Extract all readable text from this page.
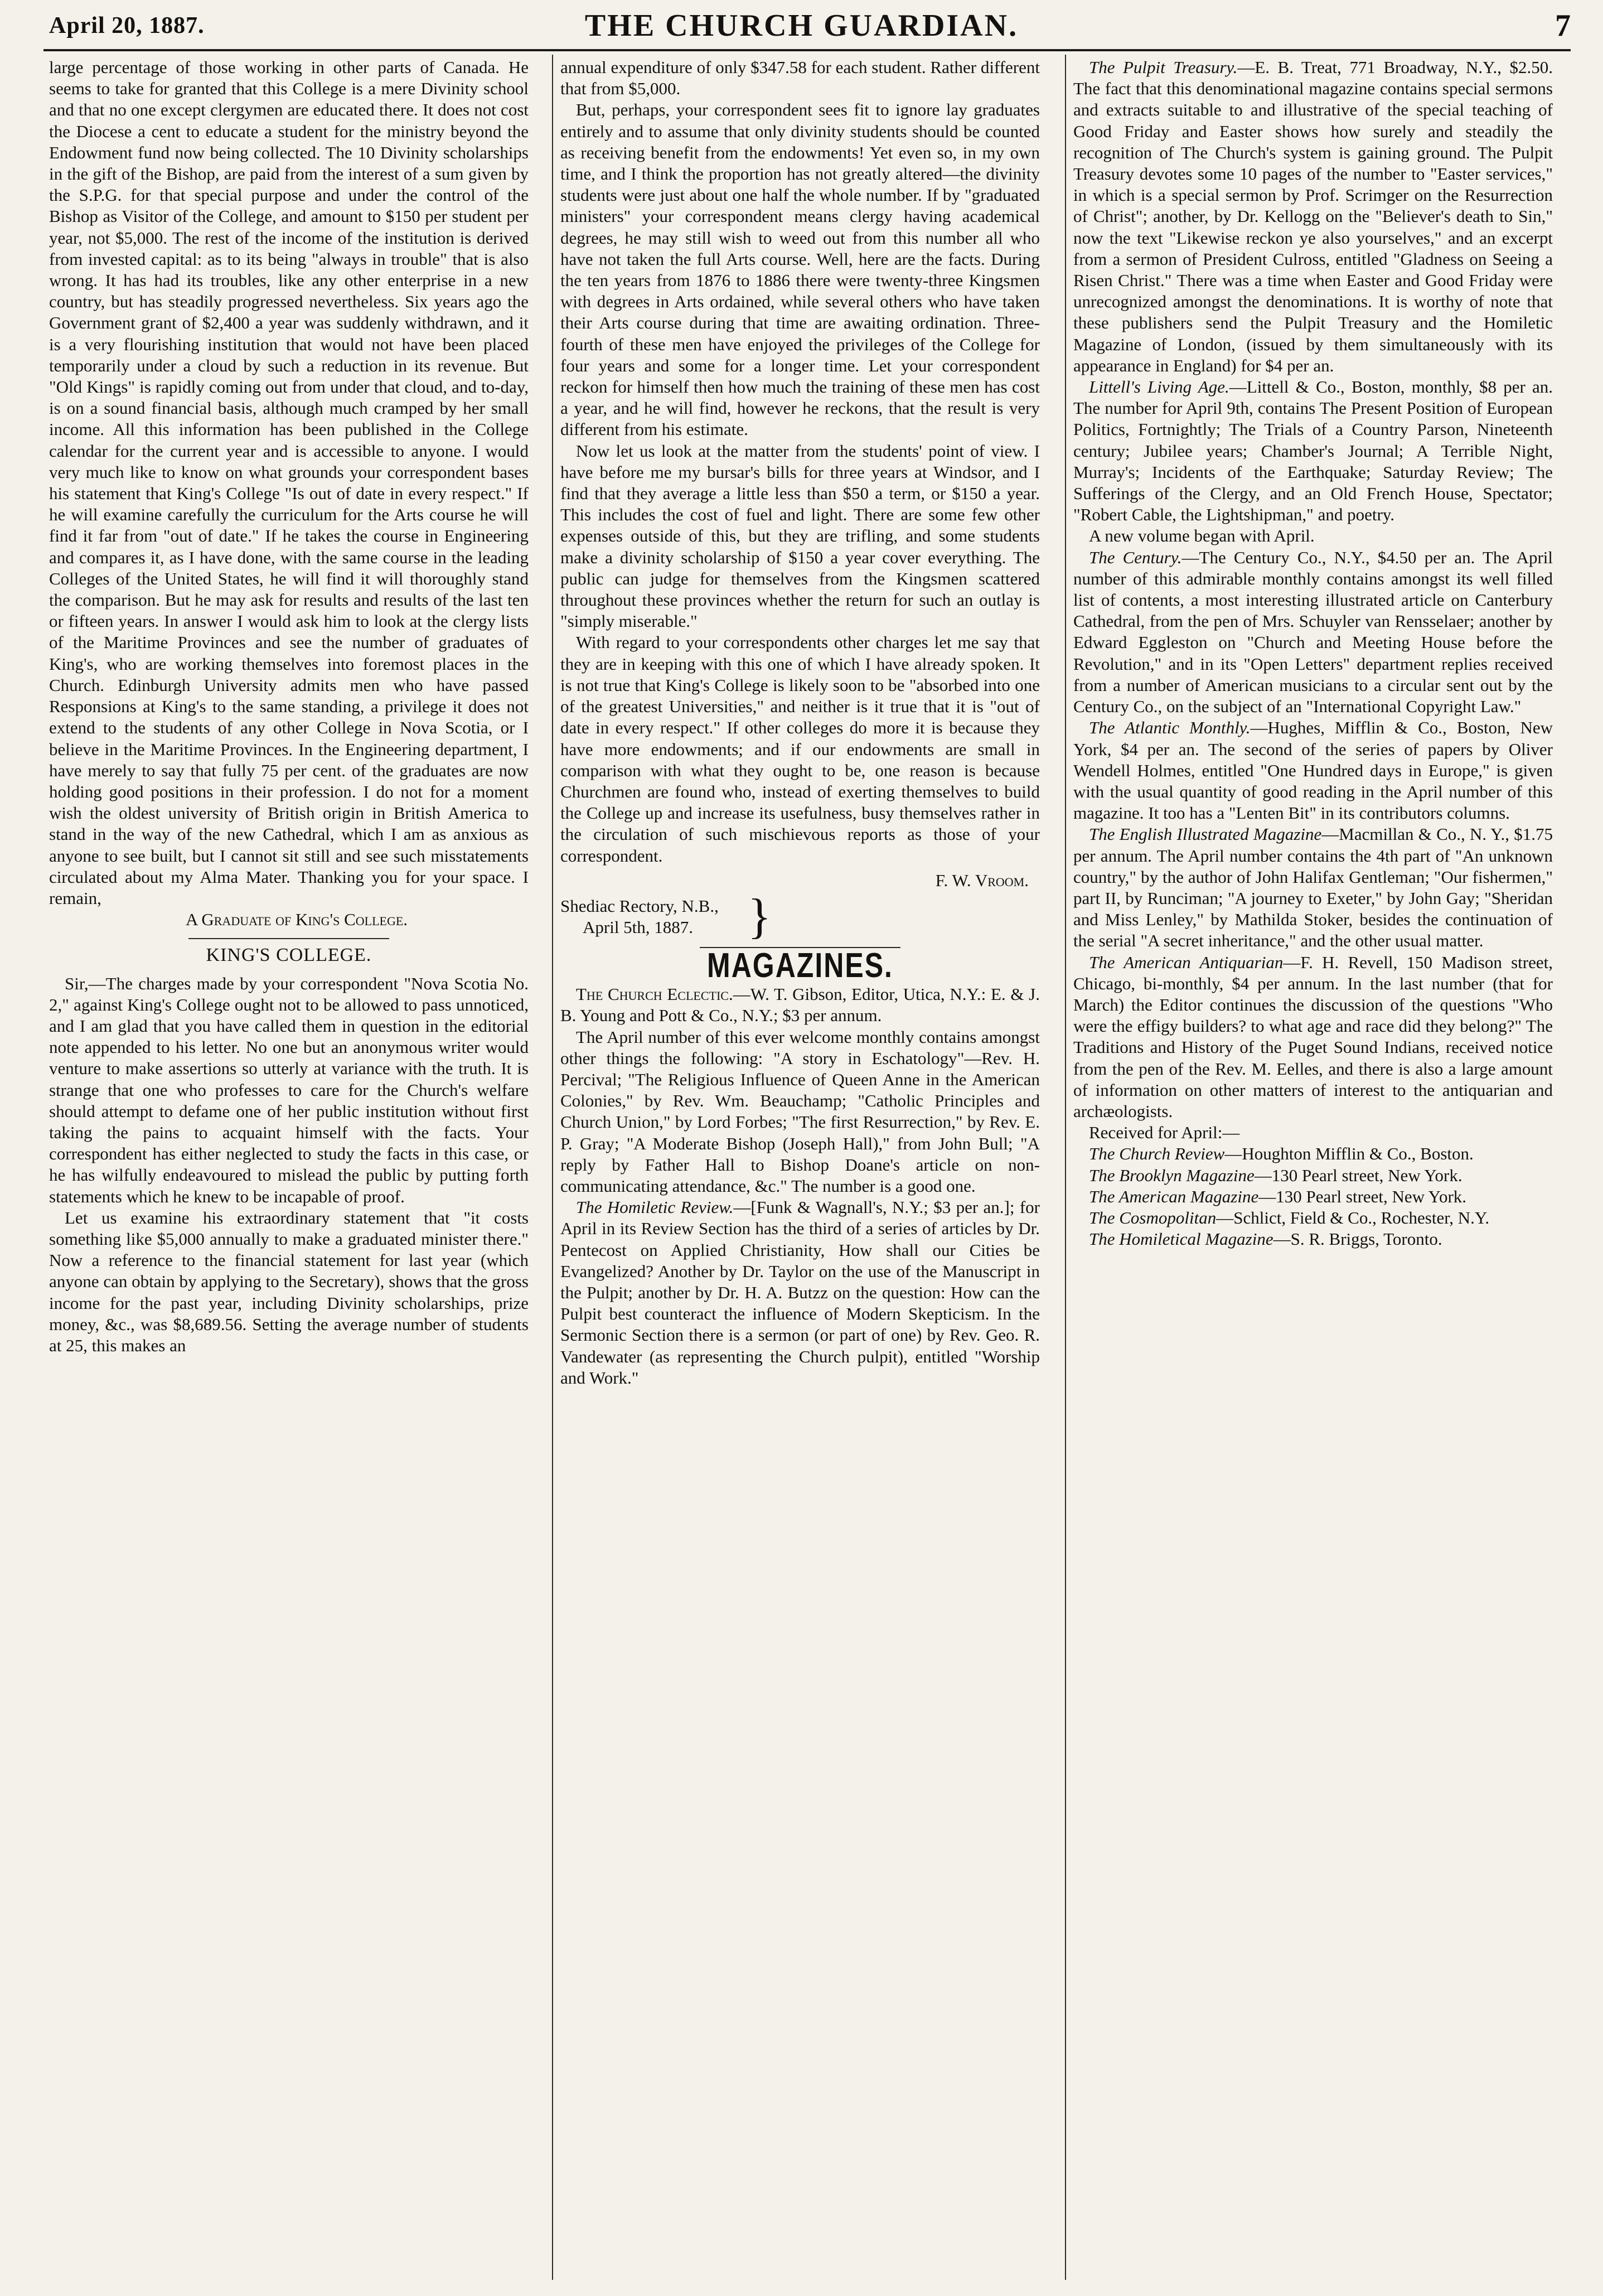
April 20, 1887.	THE CHURCH GUARDIAN.	7

large percentage of those working in other parts of Canada. He seems to take for granted that this College is a mere Divinity school and that no one except clergymen are educated there. It does not cost the Diocese a cent to educate a student for the ministry beyond the Endowment fund now being collected. The 10 Divinity scholarships in the gift of the Bishop, are paid from the interest of a sum given by the S.P.G. for that special purpose and under the control of the Bishop as Visitor of the College, and amount to $150 per student per year, not $5,000. The rest of the income of the institution is derived from invested capital: as to its being "always in trouble" that is also wrong. It has had its troubles, like any other enterprise in a new country, but has steadily progressed nevertheless. Six years ago the Government grant of $2,400 a year was suddenly withdrawn, and it is a very flourishing institution that would not have been placed temporarily under a cloud by such a reduction in its revenue. But "Old Kings" is rapidly coming out from under that cloud, and to-day, is on a sound financial basis, although much cramped by her small income. All this information has been published in the College calendar for the current year and is accessible to anyone. I would very much like to know on what grounds your correspondent bases his statement that King's College "Is out of date in every respect." If he will examine carefully the curriculum for the Arts course he will find it far from "out of date." If he takes the course in Engineering and compares it, as I have done, with the same course in the leading Colleges of the United States, he will find it will thoroughly stand the comparison. But he may ask for results and results of the last ten or fifteen years. In answer I would ask him to look at the clergy lists of the Maritime Provinces and see the number of graduates of King's, who are working themselves into foremost places in the Church. Edinburgh University admits men who have passed Responsions at King's to the same standing, a privilege it does not extend to the students of any other College in Nova Scotia, or I believe in the Maritime Provinces. In the Engineering department, I have merely to say that fully 75 per cent. of the graduates are now holding good positions in their profession. I do not for a moment wish the oldest university of British origin in British America to stand in the way of the new Cathedral, which I am as anxious as anyone to see built, but I cannot sit still and see such misstatements circulated about my Alma Mater. Thanking you for your space. I remain,

A Graduate of King's College.

KING'S COLLEGE.

Sir,—The charges made by your correspondent "Nova Scotia No. 2," against King's College ought not to be allowed to pass unnoticed, and I am glad that you have called them in question in the editorial note appended to his letter. No one but an anonymous writer would venture to make assertions so utterly at variance with the truth. It is strange that one who professes to care for the Church's welfare should attempt to defame one of her public institution without first taking the pains to acquaint himself with the facts. Your correspondent has either neglected to study the facts in this case, or he has wilfully endeavoured to mislead the public by putting forth statements which he knew to be incapable of proof.

Let us examine his extraordinary statement that "it costs something like $5,000 annually to make a graduated minister there." Now a reference to the financial statement for last year (which anyone can obtain by applying to the Secretary), shows that the gross income for the past year, including Divinity scholarships, prize money, &c., was $8,689.56. Setting the average number of students at 25, this makes an

annual expenditure of only $347.58 for each student. Rather different that from $5,000.

But, perhaps, your correspondent sees fit to ignore lay graduates entirely and to assume that only divinity students should be counted as receiving benefit from the endowments! Yet even so, in my own time, and I think the proportion has not greatly altered—the divinity students were just about one half the whole number. If by "graduated ministers" your correspondent means clergy having academical degrees, he may still wish to weed out from this number all who have not taken the full Arts course. Well, here are the facts. During the ten years from 1876 to 1886 there were twenty-three Kingsmen with degrees in Arts ordained, while several others who have taken their Arts course during that time are awaiting ordination. Three-fourth of these men have enjoyed the privileges of the College for four years and some for a longer time. Let your correspondent reckon for himself then how much the training of these men has cost a year, and he will find, however he reckons, that the result is very different from his estimate.

Now let us look at the matter from the students' point of view. I have before me my bursar's bills for three years at Windsor, and I find that they average a little less than $50 a term, or $150 a year. This includes the cost of fuel and light. There are some few other expenses outside of this, but they are trifling, and some students make a divinity scholarship of $150 a year cover everything. The public can judge for themselves from the Kingsmen scattered throughout these provinces whether the return for such an outlay is "simply miserable."

With regard to your correspondents other charges let me say that they are in keeping with this one of which I have already spoken. It is not true that King's College is likely soon to be "absorbed into one of the greatest Universities," and neither is it true that it is "out of date in every respect." If other colleges do more it is because they have more endowments; and if our endowments are small in comparison with what they ought to be, one reason is because Churchmen are found who, instead of exerting themselves to build the College up and increase its usefulness, busy themselves rather in the circulation of such mischievous reports as those of your correspondent.

F. W. Vroom.
Shediac Rectory, N.B.,
April 5th, 1887.	}
MAGAZINES.

The Church Eclectic.—W. T. Gibson, Editor, Utica, N.Y.: E. & J. B. Young and Pott & Co., N.Y.; $3 per annum.

The April number of this ever welcome monthly contains amongst other things the following: "A story in Eschatology"—Rev. H. Percival; "The Religious Influence of Queen Anne in the American Colonies," by Rev. Wm. Beauchamp; "Catholic Principles and Church Union," by Lord Forbes; "The first Resurrection," by Rev. E. P. Gray; "A Moderate Bishop (Joseph Hall)," from John Bull; "A reply by Father Hall to Bishop Doane's article on non-communicating attendance, &c." The number is a good one.

The Homiletic Review.—[Funk & Wagnall's, N.Y.; $3 per an.]; for April in its Review Section has the third of a series of articles by Dr. Pentecost on Applied Christianity, How shall our Cities be Evangelized? Another by Dr. Taylor on the use of the Manuscript in the Pulpit; another by Dr. H. A. Butzz on the question: How can the Pulpit best counteract the influence of Modern Skepticism. In the Sermonic Section there is a sermon (or part of one) by Rev. Geo. R. Vandewater (as representing the Church pulpit), entitled "Worship and Work."

The Pulpit Treasury.—E. B. Treat, 771 Broadway, N.Y., $2.50. The fact that this denominational magazine contains special sermons and extracts suitable to and illustrative of the special teaching of Good Friday and Easter shows how surely and steadily the recognition of The Church's system is gaining ground. The Pulpit Treasury devotes some 10 pages of the number to "Easter services," in which is a special sermon by Prof. Scrimger on the Resurrection of Christ"; another, by Dr. Kellogg on the "Believer's death to Sin," now the text "Likewise reckon ye also yourselves," and an excerpt from a sermon of President Culross, entitled "Gladness on Seeing a Risen Christ." There was a time when Easter and Good Friday were unrecognized amongst the denominations. It is worthy of note that these publishers send the Pulpit Treasury and the Homiletic Magazine of London, (issued by them simultaneously with its appearance in England) for $4 per an.

Littell's Living Age.—Littell & Co., Boston, monthly, $8 per an. The number for April 9th, contains The Present Position of European Politics, Fortnightly; The Trials of a Country Parson, Nineteenth century; Jubilee years; Chamber's Journal; A Terrible Night, Murray's; Incidents of the Earthquake; Saturday Review; The Sufferings of the Clergy, and an Old French House, Spectator; "Robert Cable, the Lightshipman," and poetry.

A new volume began with April.

The Century.—The Century Co., N.Y., $4.50 per an. The April number of this admirable monthly contains amongst its well filled list of contents, a most interesting illustrated article on Canterbury Cathedral, from the pen of Mrs. Schuyler van Rensselaer; another by Edward Eggleston on "Church and Meeting House before the Revolution," and in its "Open Letters" department replies received from a number of American musicians to a circular sent out by the Century Co., on the subject of an "International Copyright Law."

The Atlantic Monthly.—Hughes, Mifflin & Co., Boston, New York, $4 per an. The second of the series of papers by Oliver Wendell Holmes, entitled "One Hundred days in Europe," is given with the usual quantity of good reading in the April number of this magazine. It too has a "Lenten Bit" in its contributors columns.

The English Illustrated Magazine—Macmillan & Co., N. Y., $1.75 per annum. The April number contains the 4th part of "An unknown country," by the author of John Halifax Gentleman; "Our fishermen," part II, by Runciman; "A journey to Exeter," by John Gay; "Sheridan and Miss Lenley," by Mathilda Stoker, besides the continuation of the serial "A secret inheritance," and the other usual matter.

The American Antiquarian—F. H. Revell, 150 Madison street, Chicago, bi-monthly, $4 per annum. In the last number (that for March) the Editor continues the discussion of the questions "Who were the effigy builders? to what age and race did they belong?" The Traditions and History of the Puget Sound Indians, received notice from the pen of the Rev. M. Eelles, and there is also a large amount of information on other matters of interest to the antiquarian and archæologists.

Received for April:—

The Church Review—Houghton Mifflin & Co., Boston.

The Brooklyn Magazine—130 Pearl street, New York.

The American Magazine—130 Pearl street, New York.

The Cosmopolitan—Schlict, Field & Co., Rochester, N.Y.

The Homiletical Magazine—S. R. Briggs, Toronto.
